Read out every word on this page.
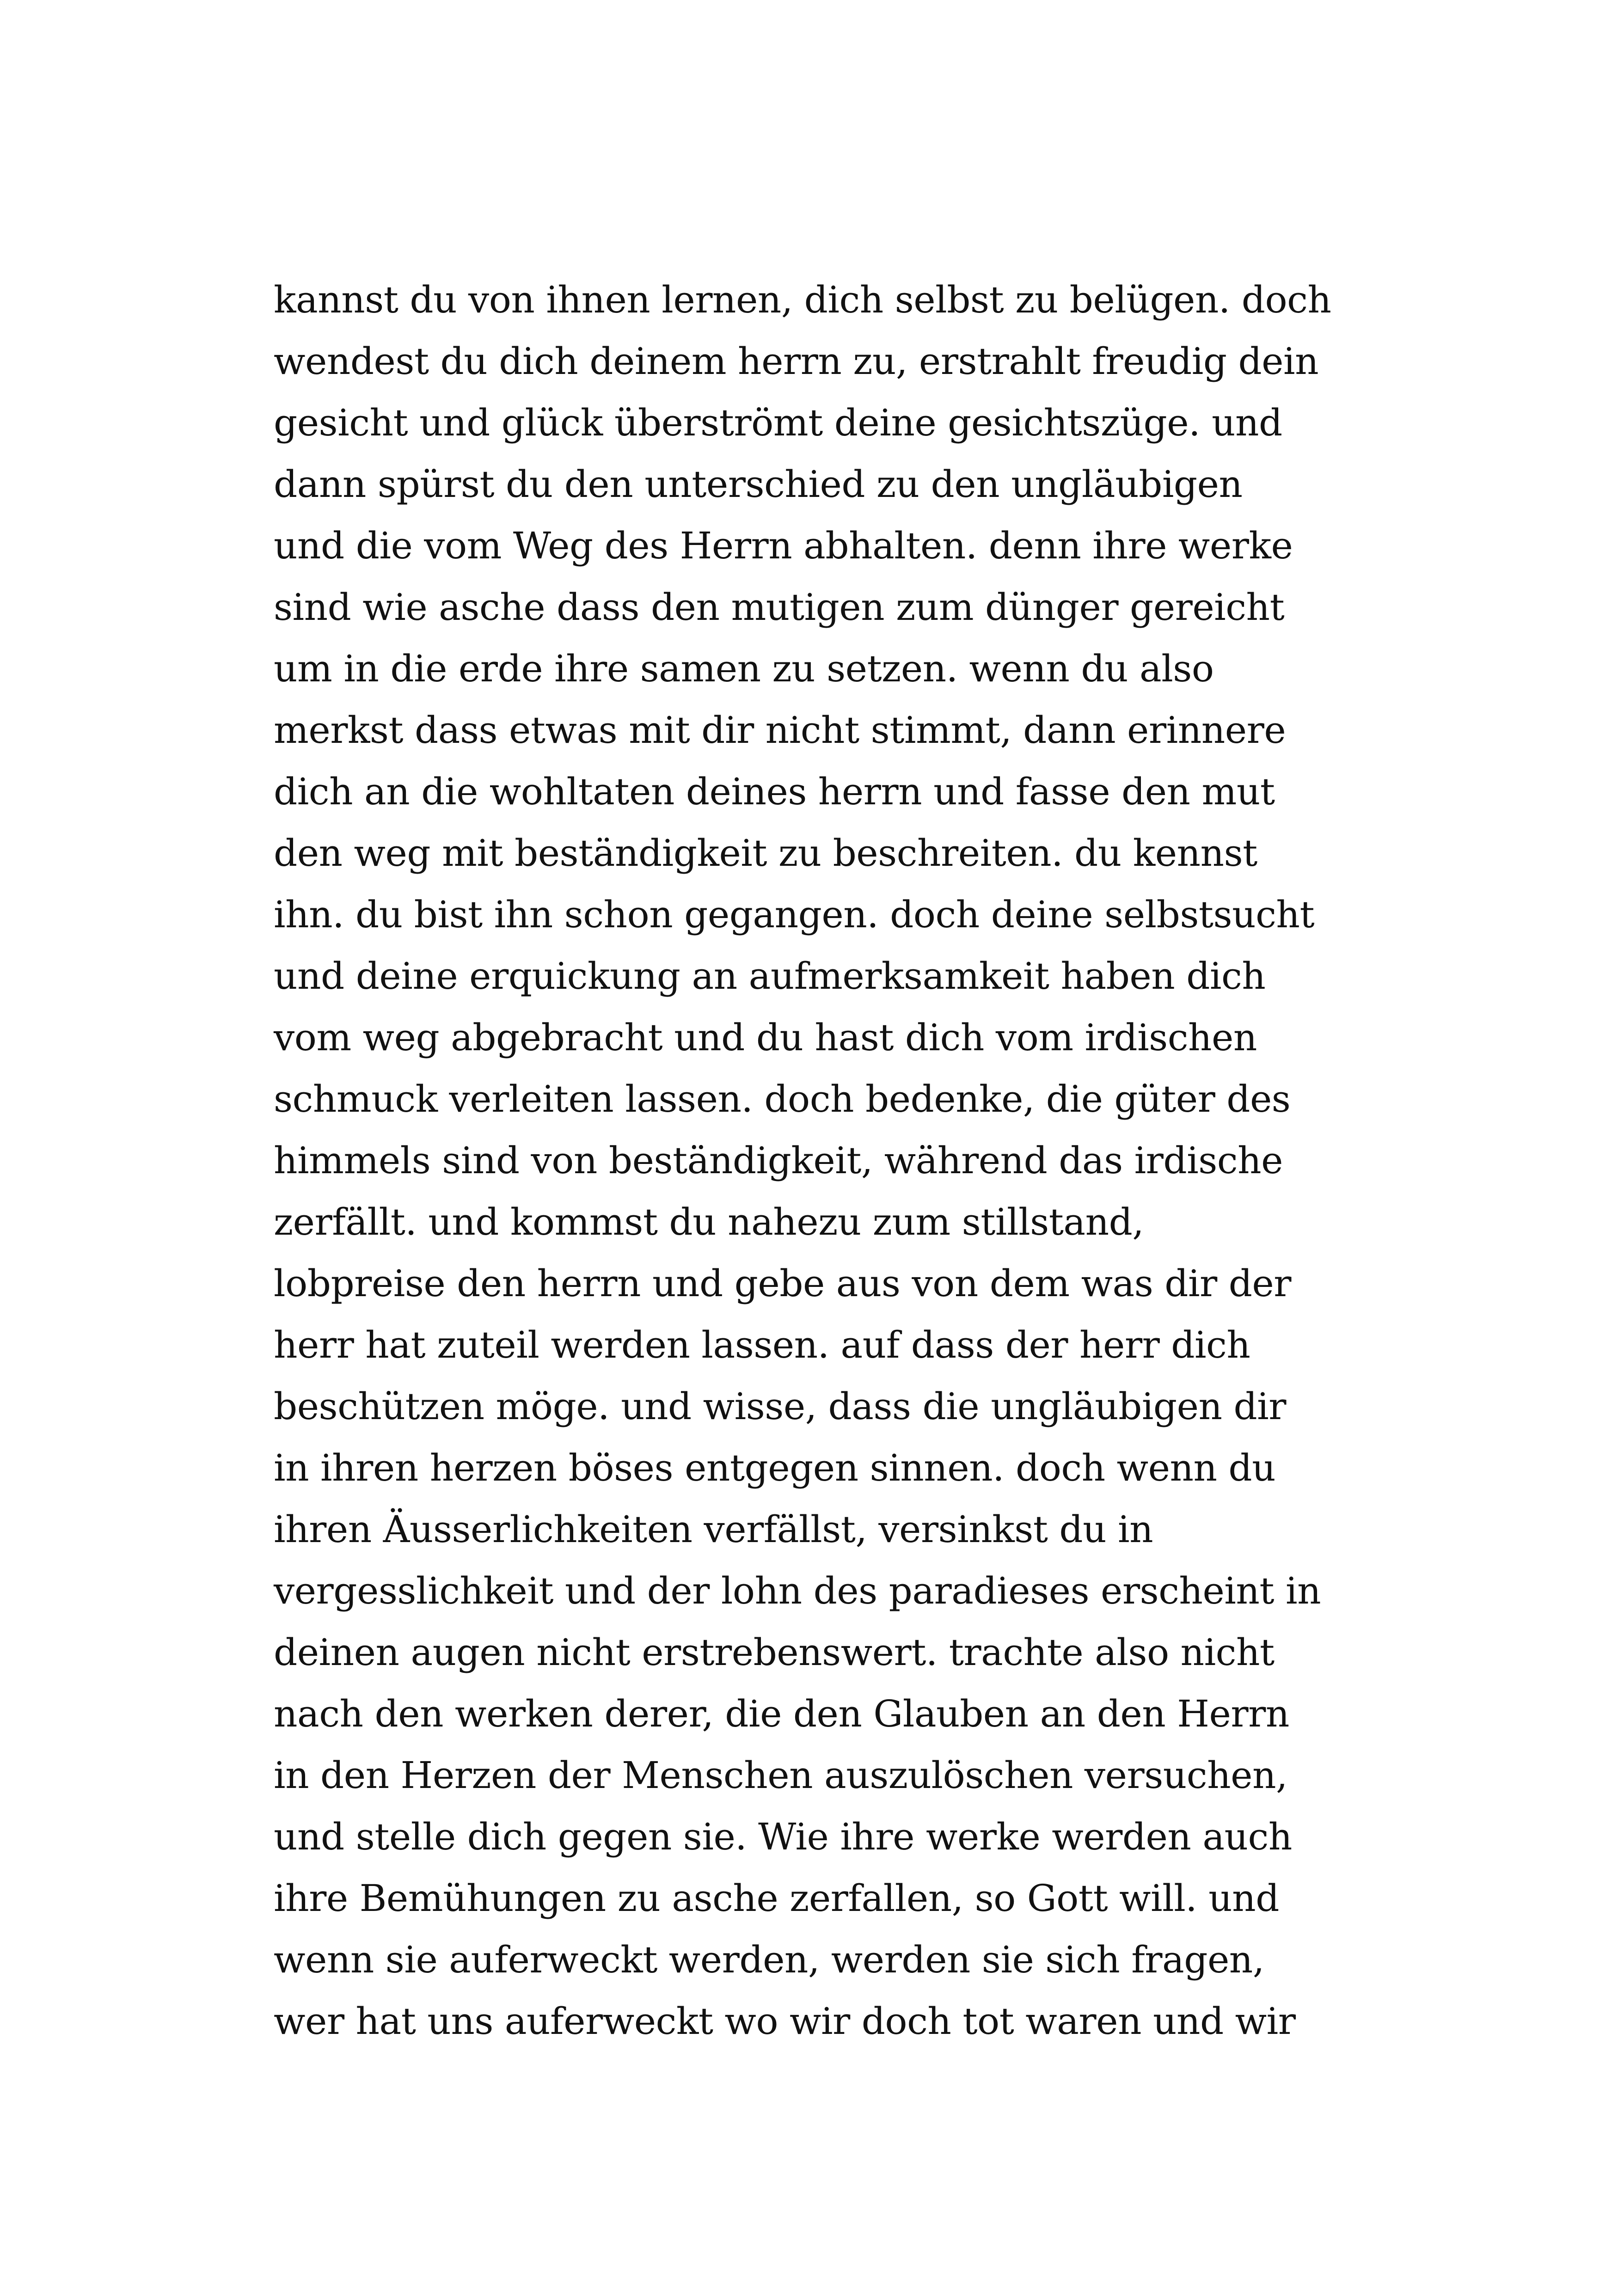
kannst du von ihnen lernen, dich selbst zu belügen. doch
wendest du dich deinem herrn zu, erstrahlt freudig dein
gesicht und glück überströmt deine gesichtszüge. und
dann spürst du den unterschied zu den ungläubigen
und die vom Weg des Herrn abhalten. denn ihre werke
sind wie asche dass den mutigen zum dünger gereicht
um in die erde ihre samen zu setzen. wenn du also
merkst dass etwas mit dir nicht stimmt, dann erinnere
dich an die wohltaten deines herrn und fasse den mut
den weg mit beständigkeit zu beschreiten. du kennst
ihn. du bist ihn schon gegangen. doch deine selbstsucht
und deine erquickung an aufmerksamkeit haben dich
vom weg abgebracht und du hast dich vom irdischen
schmuck verleiten lassen. doch bedenke, die güter des
himmels sind von beständigkeit, während das irdische
zerfällt. und kommst du nahezu zum stillstand,
lobpreise den herrn und gebe aus von dem was dir der
herr hat zuteil werden lassen. auf dass der herr dich
beschützen möge. und wisse, dass die ungläubigen dir
in ihren herzen böses entgegen sinnen. doch wenn du
ihren Äusserlichkeiten verfällst, versinkst du in
vergesslichkeit und der lohn des paradieses erscheint in
deinen augen nicht erstrebenswert. trachte also nicht
nach den werken derer, die den Glauben an den Herrn
in den Herzen der Menschen auszulöschen versuchen,
und stelle dich gegen sie. Wie ihre werke werden auch
ihre Bemühungen zu asche zerfallen, so Gott will. und
wenn sie auferweckt werden, werden sie sich fragen,
wer hat uns auferweckt wo wir doch tot waren und wir
